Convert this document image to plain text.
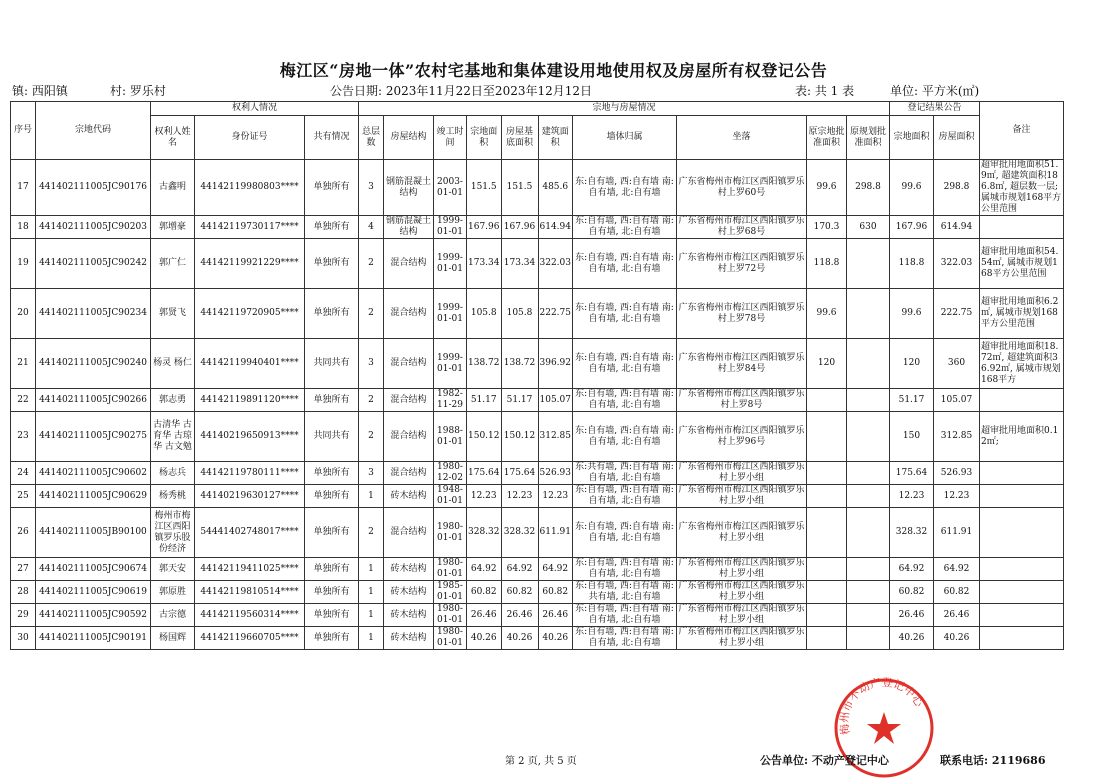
梅江区“房地一体”农村宅基地和集体建设用地使用权及房屋所有权登记公告
镇: 西阳镇	村: 罗乐村	公告日期: 2023年11月22日至2023年12月12日	表: 共 1 表	单位: 平方米(㎡)
序号	宗地代码	权利人情况			宗地与房屋情况										登记结果公告		备注
		权利人姓名	身份证号	共有情况	总层数	房屋结构	竣工时间	宗地面积	房屋基底面积	建筑面积	墙体归属	坐落	原宗地批准面积	原规划批准面积	宗地面积	房屋面积	
17	441402111005JC90176	古鑫明	44142119980803****	单独所有	3	钢筋混凝土结构	2003-01-01	151.5	151.5	485.6	东:自有墙, 西:自有墙 南:自有墙, 北:自有墙	广东省梅州市梅江区西阳镇罗乐村上罗60号	99.6	298.8	99.6	298.8	超审批用地面积51.9㎡, 超建筑面积186.8㎡, 超层数一层; 属城市规划168平方公里范围
18	441402111005JC90203	郭增豪	44142119730117****	单独所有	4	钢筋混凝土结构	1999-01-01	167.96	167.96	614.94	东:自有墙, 西:自有墙 南:自有墙, 北:自有墙	广东省梅州市梅江区西阳镇罗乐村上罗68号	170.3	630	167.96	614.94	
19	441402111005JC90242	郭广仁	44142119921229****	单独所有	2	混合结构	1999-01-01	173.34	173.34	322.03	东:自有墙, 西:自有墙 南:自有墙, 北:自有墙	广东省梅州市梅江区西阳镇罗乐村上罗72号	118.8		118.8	322.03	超审批用地面积54.54㎡, 属城市规划168平方公里范围
20	441402111005JC90234	郭贤飞	44142119720905****	单独所有	2	混合结构	1999-01-01	105.8	105.8	222.75	东:自有墙, 西:自有墙 南:自有墙, 北:自有墙	广东省梅州市梅江区西阳镇罗乐村上罗78号	99.6		99.6	222.75	超审批用地面积6.2㎡, 属城市规划168平方公里范围
21	441402111005JC90240	杨灵 杨仁	44142119940401****	共同共有	3	混合结构	1999-01-01	138.72	138.72	396.92	东:自有墙, 西:自有墙 南:自有墙, 北:自有墙	广东省梅州市梅江区西阳镇罗乐村上罗84号	120		120	360	超审批用地面积18.72㎡, 超建筑面积36.92㎡, 属城市规划168平方
22	441402111005JC90266	郭志勇	44142119891120****	单独所有	2	混合结构	1982-11-29	51.17	51.17	105.07	东:自有墙, 西:自有墙 南:自有墙, 北:自有墙	广东省梅州市梅江区西阳镇罗乐村上罗8号			51.17	105.07	
23	441402111005JC90275	古清华 古育华 古琼华 古文勉	44140219650913****	共同共有	2	混合结构	1988-01-01	150.12	150.12	312.85	东:自有墙, 西:自有墙 南:自有墙, 北:自有墙	广东省梅州市梅江区西阳镇罗乐村上罗96号			150	312.85	超审批用地面积0.12㎡;
24	441402111005JC90602	杨志兵	44142119780111****	单独所有	3	混合结构	1980-12-02	175.64	175.64	526.93	东:共有墙, 西:自有墙 南:自有墙, 北:自有墙	广东省梅州市梅江区西阳镇罗乐村上罗小组			175.64	526.93	
25	441402111005JC90629	杨秀桃	44140219630127****	单独所有	1	砖木结构	1948-01-01	12.23	12.23	12.23	东:自有墙, 西:自有墙 南:自有墙, 北:自有墙	广东省梅州市梅江区西阳镇罗乐村上罗小组			12.23	12.23	
26	441402111005JB90100	梅州市梅江区西阳镇罗乐股份经济	54441402748017****	单独所有	2	混合结构	1980-01-01	328.32	328.32	611.91	东:自有墙, 西:自有墙 南:自有墙, 北:自有墙	广东省梅州市梅江区西阳镇罗乐村上罗小组			328.32	611.91	
27	441402111005JC90674	郭天安	44142119411025****	单独所有	1	砖木结构	1980-01-01	64.92	64.92	64.92	东:自有墙, 西:自有墙 南:自有墙, 北:自有墙	广东省梅州市梅江区西阳镇罗乐村上罗小组			64.92	64.92	
28	441402111005JC90619	郭原胜	44142119810514****	单独所有	1	砖木结构	1985-01-01	60.82	60.82	60.82	东:自有墙, 西:自有墙 南:共有墙, 北:自有墙	广东省梅州市梅江区西阳镇罗乐村上罗小组			60.82	60.82	
29	441402111005JC90592	古宗德	44142119560314****	单独所有	1	砖木结构	1980-01-01	26.46	26.46	26.46	东:自有墙, 西:自有墙 南:自有墙, 北:自有墙	广东省梅州市梅江区西阳镇罗乐村上罗小组			26.46	26.46	
30	441402111005JC90191	杨国辉	44142119660705****	单独所有	1	砖木结构	1980-01-01	40.26	40.26	40.26	东:自有墙, 西:自有墙 南:自有墙, 北:自有墙	广东省梅州市梅江区西阳镇罗乐村上罗小组			40.26	40.26	
梅州市不动产登记中心
第 2 页, 共 5 页	公告单位: 不动产登记中心	联系电话: 2119686
